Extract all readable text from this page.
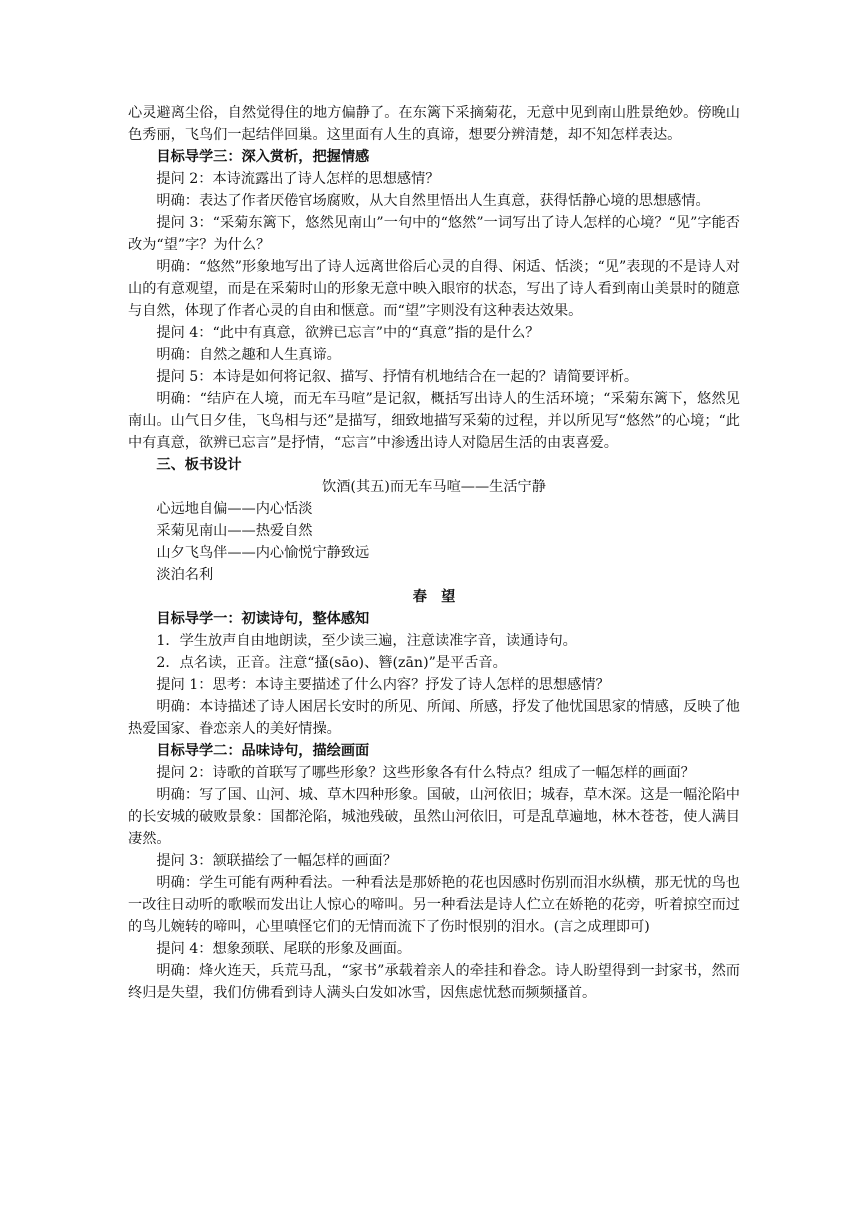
心灵避离尘俗，自然觉得住的地方偏静了。在东篱下采摘菊花，无意中见到南山胜景绝妙。傍晚山色秀丽，飞鸟们一起结伴回巢。这里面有人生的真谛，想要分辨清楚，却不知怎样表达。

目标导学三：深入赏析，把握情感

提问 2：本诗流露出了诗人怎样的思想感情？

明确：表达了作者厌倦官场腐败，从大自然里悟出人生真意，获得恬静心境的思想感情。

提问 3：“采菊东篱下，悠然见南山”一句中的“悠然”一词写出了诗人怎样的心境？“见”字能否改为“望”字？为什么？

明确：“悠然”形象地写出了诗人远离世俗后心灵的自得、闲适、恬淡；“见”表现的不是诗人对山的有意观望，而是在采菊时山的形象无意中映入眼帘的状态，写出了诗人看到南山美景时的随意与自然，体现了作者心灵的自由和惬意。而“望”字则没有这种表达效果。

提问 4：“此中有真意，欲辨已忘言”中的“真意”指的是什么？

明确：自然之趣和人生真谛。

提问 5：本诗是如何将记叙、描写、抒情有机地结合在一起的？请简要评析。

明确：“结庐在人境，而无车马喧”是记叙，概括写出诗人的生活环境；“采菊东篱下，悠然见南山。山气日夕佳，飞鸟相与还”是描写，细致地描写采菊的过程，并以所见写“悠然”的心境；“此中有真意，欲辨已忘言”是抒情，“忘言”中渗透出诗人对隐居生活的由衷喜爱。

三、板书设计

饮酒(其五)而无车马喧——生活宁静

心远地自偏——内心恬淡

采菊见南山——热爱自然

山夕飞鸟伴——内心愉悦宁静致远

淡泊名利

春望

目标导学一：初读诗句，整体感知

1．学生放声自由地朗读，至少读三遍，注意读准字音，读通诗句。

2．点名读，正音。注意“搔(sāo)、簪(zān)”是平舌音。

提问 1：思考：本诗主要描述了什么内容？抒发了诗人怎样的思想感情？

明确：本诗描述了诗人困居长安时的所见、所闻、所感，抒发了他忧国思家的情感，反映了他热爱国家、眷恋亲人的美好情操。

目标导学二：品味诗句，描绘画面

提问 2：诗歌的首联写了哪些形象？这些形象各有什么特点？组成了一幅怎样的画面？

明确：写了国、山河、城、草木四种形象。国破，山河依旧；城春，草木深。这是一幅沦陷中的长安城的破败景象：国都沦陷，城池残破，虽然山河依旧，可是乱草遍地，林木苍苍，使人满目凄然。

提问 3：颔联描绘了一幅怎样的画面？

明确：学生可能有两种看法。一种看法是那娇艳的花也因感时伤别而泪水纵横，那无忧的鸟也一改往日动听的歌喉而发出让人惊心的啼叫。另一种看法是诗人伫立在娇艳的花旁，听着掠空而过的鸟儿婉转的啼叫，心里嗔怪它们的无情而流下了伤时恨别的泪水。(言之成理即可)

提问 4：想象颈联、尾联的形象及画面。

明确：烽火连天，兵荒马乱，“家书”承载着亲人的牵挂和眷念。诗人盼望得到一封家书，然而终归是失望，我们仿佛看到诗人满头白发如冰雪，因焦虑忧愁而频频搔首。
